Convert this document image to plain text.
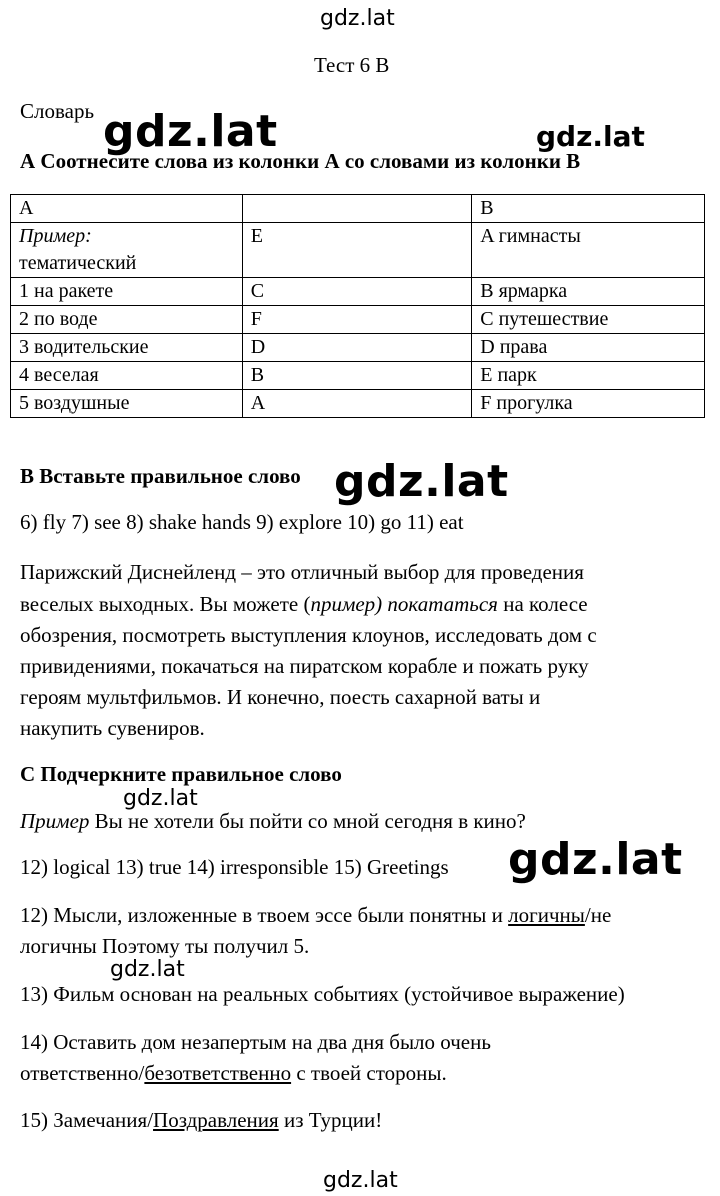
gdz.lat
gdz.lat
Тест 6 В
Словарь gdz.lat	gdz.lat
А Соотнесите слова из колонки А со словами из колонки В
А		В

Пример:
тематический	E	A гимнасты
1 на ракете	C	B ярмарка
2 по воде	F	C путешествие
3 водительские	D	D права
4 веселая	B	E парк
5 воздушные	A	F прогулка
В Вставьте правильное слово gdz.lat
6) fly 7) see 8) shake hands 9) explore 10) go 11) eat
Парижский Диснейленд – это отличный выбор для проведения
веселых выходных. Вы можете (пример) покататься на колесе
обозрения, посмотреть выступления клоунов, исследовать дом с
привидениями, покачаться на пиратском корабле и пожать руку
героям мультфильмов. И конечно, поесть сахарной ваты и
накупить сувениров.
С Подчеркните правильное слово
gdz.lat
Пример Вы не хотели бы пойти со мной сегодня в кино?
12) logical 13) true 14) irresponsible 15) Greetings gdz.lat
12) Мысли, изложенные в твоем эссе были понятны и логичны/не
логичны Поэтому ты получил 5.
gdz.lat
13) Фильм основан на реальных событиях (устойчивое выражение)
14) Оставить дом незапертым на два дня было очень
ответственно/безответственно с твоей стороны.
15) Замечания/Поздравления из Турции!
